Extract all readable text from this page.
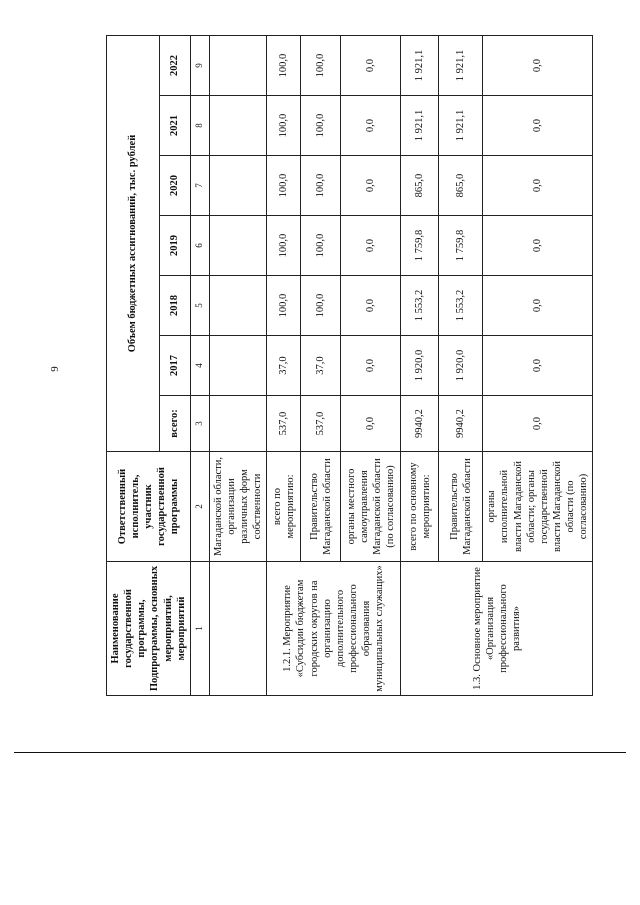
9
Наименование государственной программы, Подпрограммы, основных мероприятий, мероприятий	Ответственный исполнитель, участник государственной программы	Объем бюджетных ассигнований, тыс. рублей						
		всего:	2017	2018	2019	2020	2021	2022
1	2	3	4	5	6	7	8	9
	Магаданской области, организации различных форм собственности							
1.2.1. Мероприятие «Субсидии бюджетам городских округов на организацию дополнительного профессионального образования муниципальных служащих»	всего по мероприятию:	537,0	37,0	100,0	100,0	100,0	100,0	100,0
	Правительство Магаданской области	537,0	37,0	100,0	100,0	100,0	100,0	100,0
	органы местного самоуправления Магаданской области (по согласованию)	0,0	0,0	0,0	0,0	0,0	0,0	0,0
1.3. Основное мероприятие «Организация профессионального развития»	всего по основному мероприятию:	9940,2	1 920,0	1 553,2	1 759,8	865,0	1 921,1	1 921,1
	Правительство Магаданской области	9940,2	1 920,0	1 553,2	1 759,8	865,0	1 921,1	1 921,1
	органы исполнительной власти Магаданской области; органы государственной власти Магаданской области (по согласованию)	0,0	0,0	0,0	0,0	0,0	0,0	0,0
